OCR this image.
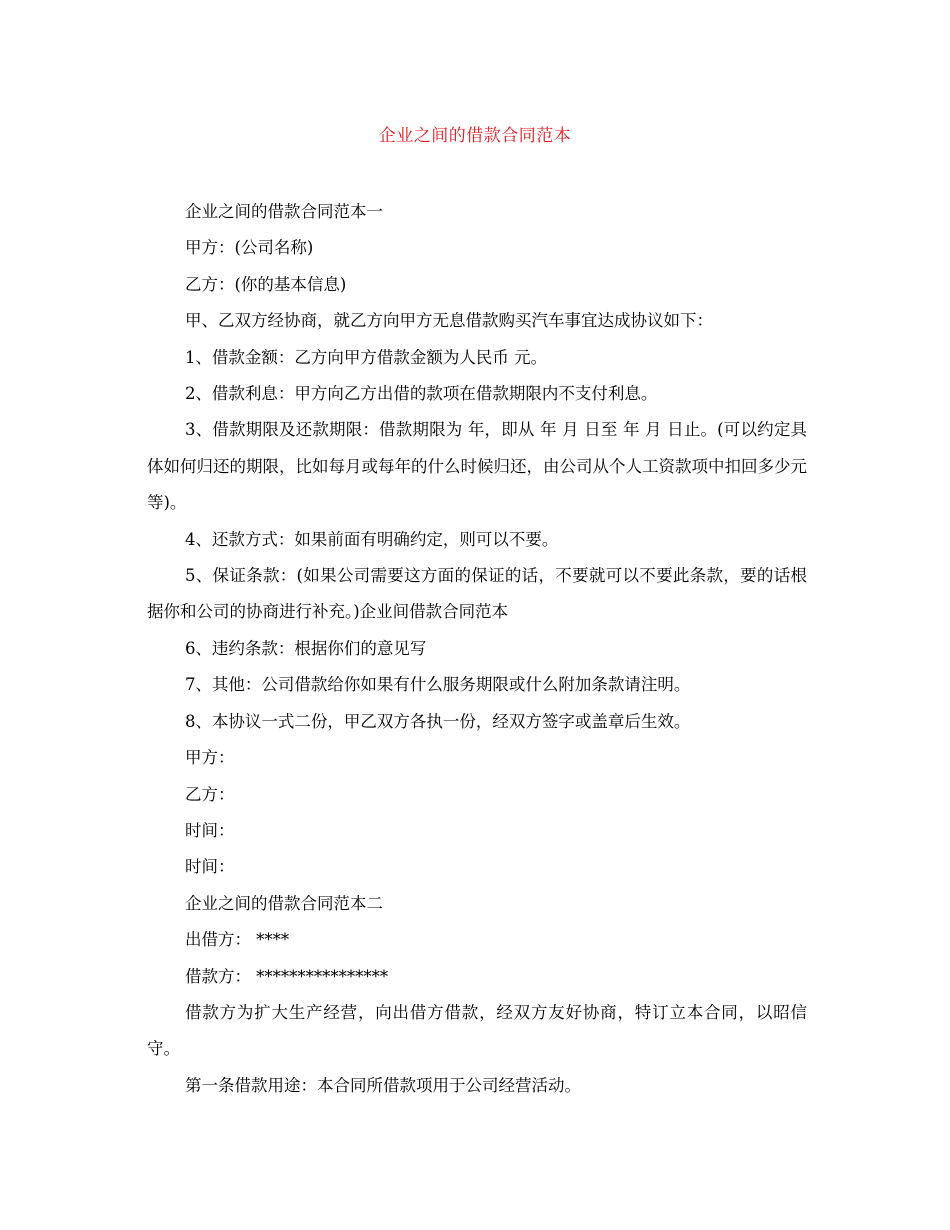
企业之间的借款合同范本

企业之间的借款合同范本一

甲方：(公司名称)

乙方：(你的基本信息)

甲、乙双方经协商，就乙方向甲方无息借款购买汽车事宜达成协议如下：

1、借款金额：乙方向甲方借款金额为人民币 元。

2、借款利息：甲方向乙方出借的款项在借款期限内不支付利息。

3、借款期限及还款期限：借款期限为 年，即从 年 月 日至 年 月 日止。(可以约定具体如何归还的期限，比如每月或每年的什么时候归还，由公司从个人工资款项中扣回多少元等)。

4、还款方式：如果前面有明确约定，则可以不要。

5、保证条款：(如果公司需要这方面的保证的话，不要就可以不要此条款，要的话根据你和公司的协商进行补充。)企业间借款合同范本

6、违约条款：根据你们的意见写

7、其他：公司借款给你如果有什么服务期限或什么附加条款请注明。

8、本协议一式二份，甲乙双方各执一份，经双方签字或盖章后生效。

甲方：

乙方：

时间：

时间：

企业之间的借款合同范本二

出借方： ****

借款方： ****************

借款方为扩大生产经营，向出借方借款，经双方友好协商，特订立本合同，以昭信守。

第一条借款用途：本合同所借款项用于公司经营活动。
